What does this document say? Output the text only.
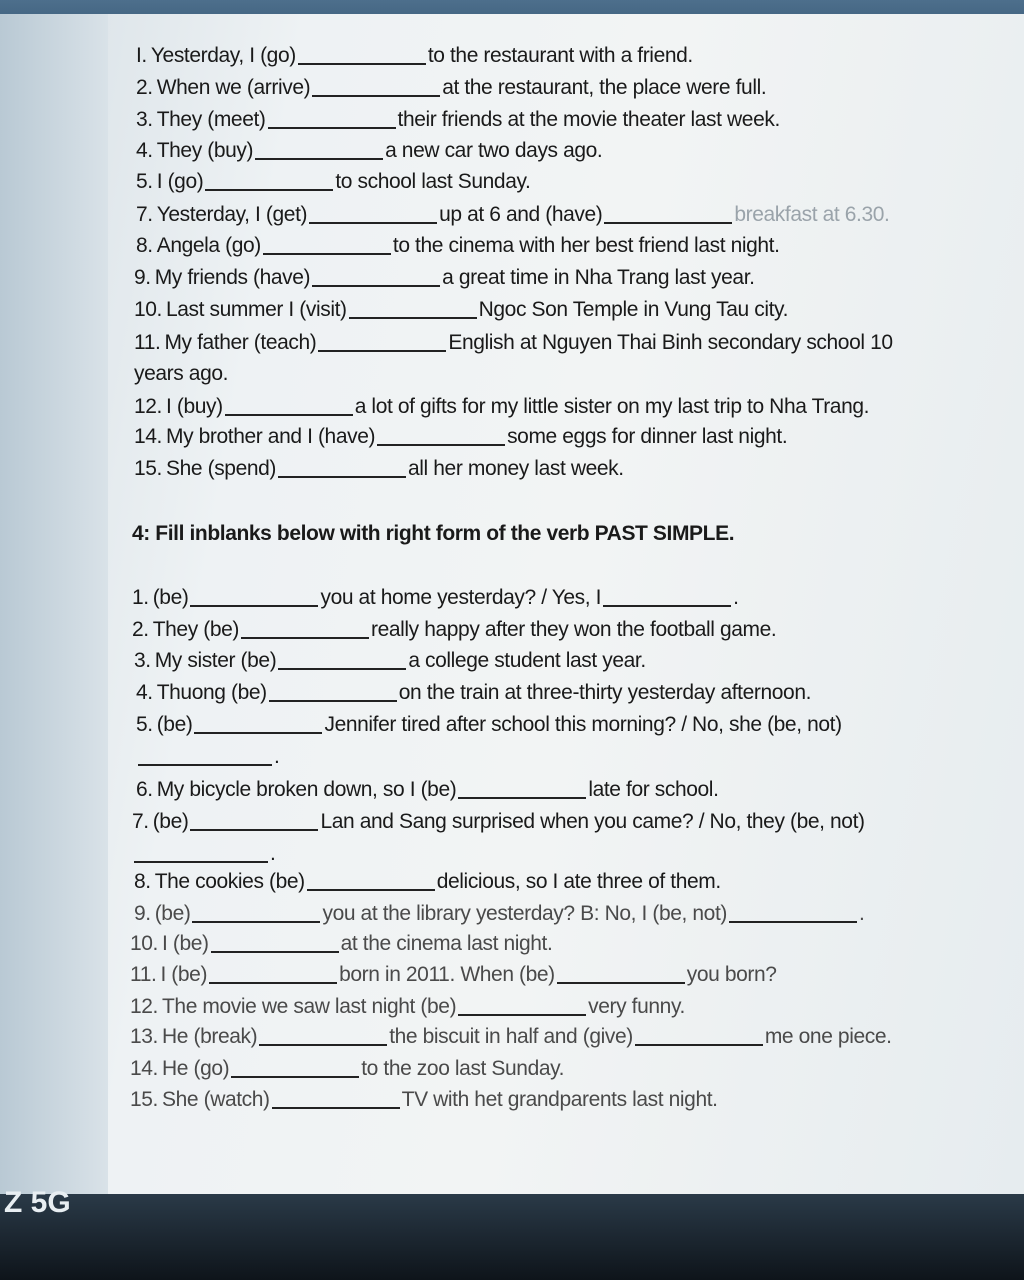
I. Yesterday, I (go)	to the restaurant with a friend.
2. When we (arrive)	at the restaurant, the place were full.
3. They (meet)	their friends at the movie theater last week.
4. They (buy)	a new car two days ago.
5. I (go)	to school last Sunday.
7. Yesterday, I (get)	up at 6 and (have)	breakfast at 6.30.
8. Angela (go)	to the cinema with her best friend last night.
9. My friends (have)	a great time in Nha Trang last year.
10. Last summer I (visit)	Ngoc Son Temple in Vung Tau city.
11. My father (teach)	English at Nguyen Thai Binh secondary school 10
years ago.
12. I (buy)	a lot of gifts for my little sister on my last trip to Nha Trang.
14. My brother and I (have)	some eggs for dinner last night.
15. She (spend)	all her money last week.
4: Fill inblanks below with right form of the verb PAST SIMPLE.
1. (be)	you at home yesterday? / Yes, I	.
2. They (be)	really happy after they won the football game.
3. My sister (be)	a college student last year.
4. Thuong (be)	on the train at three-thirty yesterday afternoon.
5. (be)	Jennifer tired after school this morning? / No, she (be, not)
.
6. My bicycle broken down, so I (be)	late for school.
7. (be)	Lan and Sang surprised when you came? / No, they (be, not)
.
8. The cookies (be)	delicious, so I ate three of them.
9. (be)	you at the library yesterday? B: No, I (be, not)	.
10. I (be)	at the cinema last night.
11. I (be)	born in 2011. When (be)	you born?
12. The movie we saw last night (be)	very funny.
13. He (break)	the biscuit in half and (give)	me one piece.
14. He (go)	to the zoo last Sunday.
15. She (watch)	TV with het grandparents last night.
Z 5G
